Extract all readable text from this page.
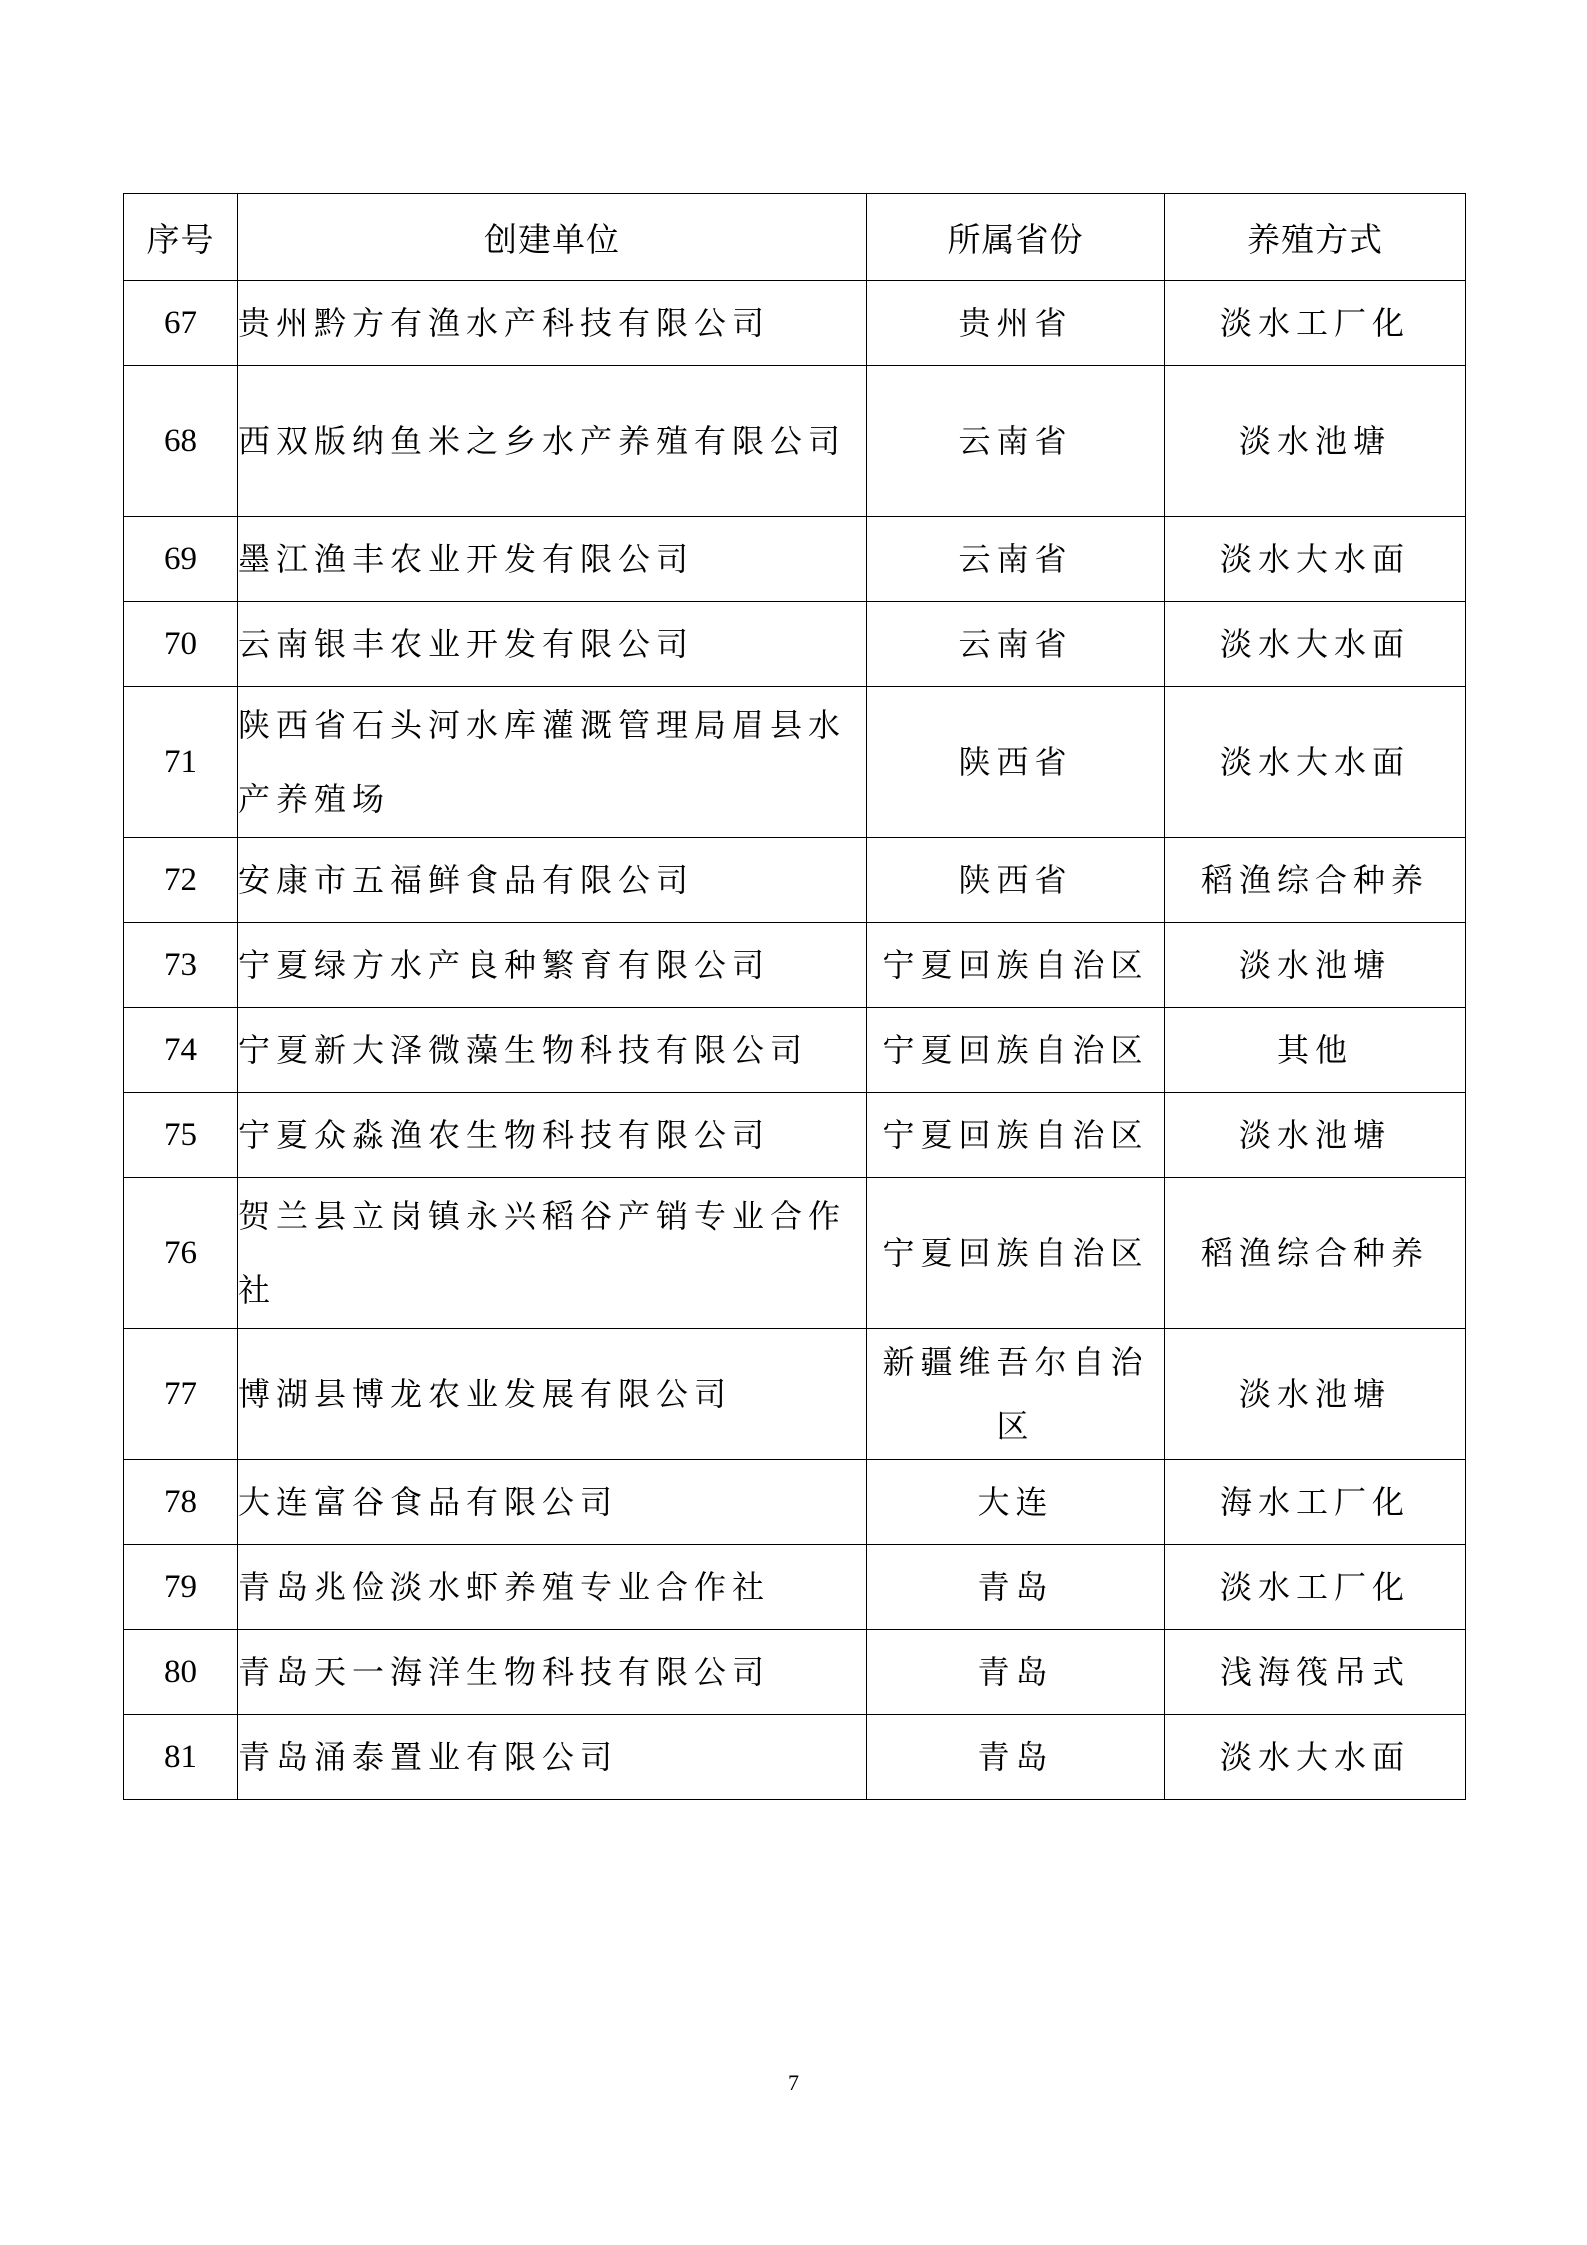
序号	创建单位	所属省份	养殖方式
67	贵州黔方有渔水产科技有限公司	贵州省	淡水工厂化
68	西双版纳鱼米之乡水产养殖有限公司	云南省	淡水池塘
69	墨江渔丰农业开发有限公司	云南省	淡水大水面
70	云南银丰农业开发有限公司	云南省	淡水大水面
71	陕西省石头河水库灌溉管理局眉县水产养殖场	陕西省	淡水大水面
72	安康市五福鲜食品有限公司	陕西省	稻渔综合种养
73	宁夏绿方水产良种繁育有限公司	宁夏回族自治区	淡水池塘
74	宁夏新大泽微藻生物科技有限公司	宁夏回族自治区	其他
75	宁夏众淼渔农生物科技有限公司	宁夏回族自治区	淡水池塘
76	贺兰县立岗镇永兴稻谷产销专业合作社	宁夏回族自治区	稻渔综合种养
77	博湖县博龙农业发展有限公司	新疆维吾尔自治区	淡水池塘
78	大连富谷食品有限公司	大连	海水工厂化
79	青岛兆俭淡水虾养殖专业合作社	青岛	淡水工厂化
80	青岛天一海洋生物科技有限公司	青岛	浅海筏吊式
81	青岛涌泰置业有限公司	青岛	淡水大水面
7
